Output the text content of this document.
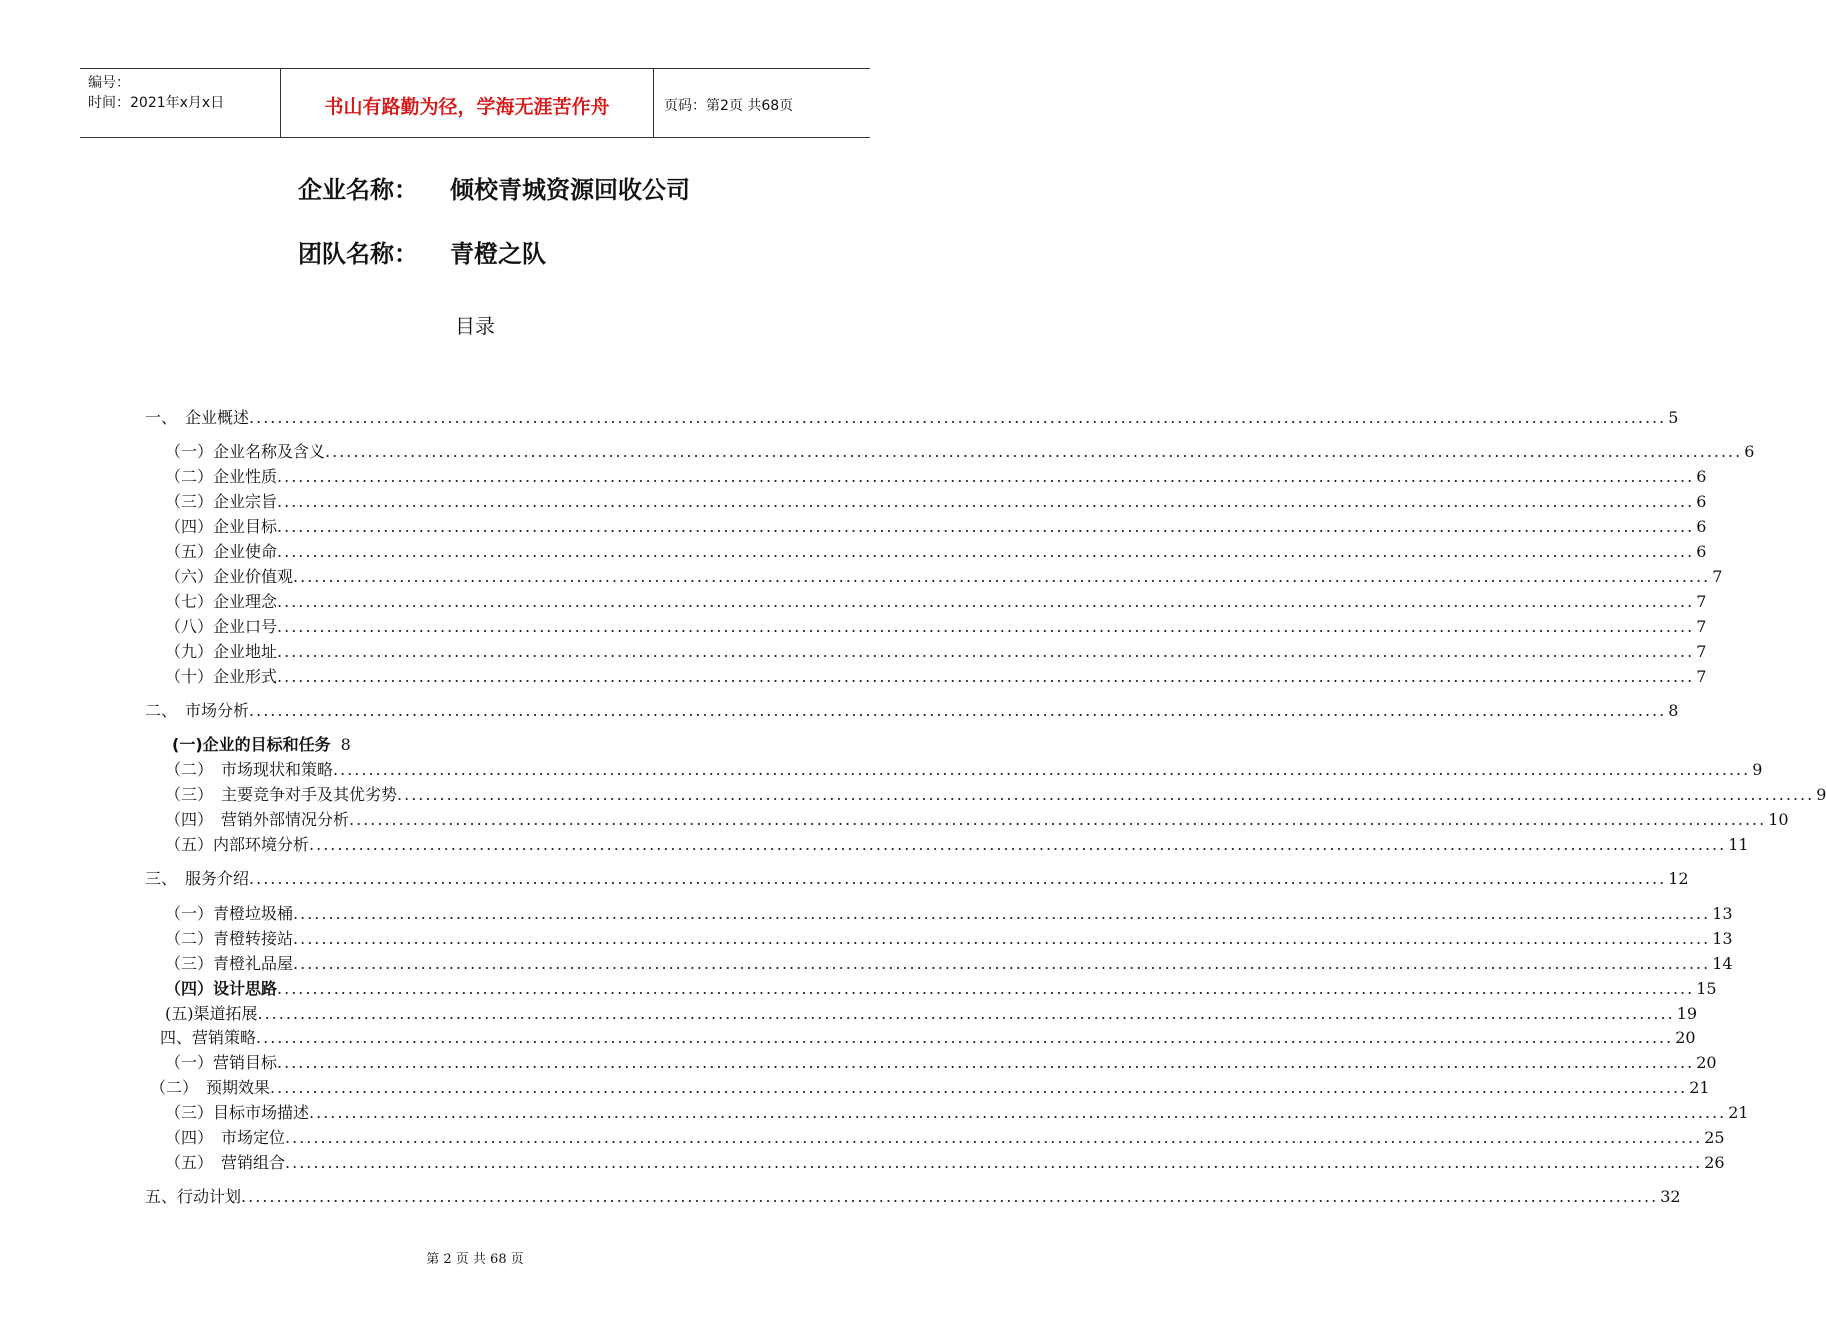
编号：
时间：2021年x月x日	书山有路勤为径，学海无涯苦作舟	页码：第2页 共68页
企业名称：	倾校青城资源回收公司
团队名称：	青橙之队
目录
一、　企业概述 ........................................................................................................................................................................................................ 5
（一）企业名称及含义 ........................................................................................................................................................................................................ 6
（二）企业性质 ........................................................................................................................................................................................................ 6
（三）企业宗旨 ........................................................................................................................................................................................................ 6
（四）企业目标 ........................................................................................................................................................................................................ 6
（五）企业使命 ........................................................................................................................................................................................................ 6
（六）企业价值观 ........................................................................................................................................................................................................ 7
（七）企业理念 ........................................................................................................................................................................................................ 7
（八）企业口号 ........................................................................................................................................................................................................ 7
（九）企业地址 ........................................................................................................................................................................................................ 7
（十）企业形式 ........................................................................................................................................................................................................ 7
二、　市场分析 ........................................................................................................................................................................................................ 8
(一)企业的目标和任务 8
（二）　市场现状和策略 ........................................................................................................................................................................................................ 9
（三）　主要竞争对手及其优劣势 ........................................................................................................................................................................................................ 9
（四）　营销外部情况分析 ........................................................................................................................................................................................................ 10
（五）内部环境分析 ........................................................................................................................................................................................................ 11
三、　服务介绍 ........................................................................................................................................................................................................ 12
（一）青橙垃圾桶 ........................................................................................................................................................................................................ 13
（二）青橙转接站 ........................................................................................................................................................................................................ 13
（三）青橙礼品屋 ........................................................................................................................................................................................................ 14
（四）设计思路 ........................................................................................................................................................................................................ 15
(五)渠道拓展 ........................................................................................................................................................................................................ 19
四、营销策略 ........................................................................................................................................................................................................ 20
（一）营销目标 ........................................................................................................................................................................................................ 20
（二）　预期效果 ........................................................................................................................................................................................................ 21
（三）目标市场描述 ........................................................................................................................................................................................................ 21
（四）　市场定位 ........................................................................................................................................................................................................ 25
（五）　营销组合 ........................................................................................................................................................................................................ 26
五、行动计划 ........................................................................................................................................................................................................ 32
第 2 页 共 68 页
